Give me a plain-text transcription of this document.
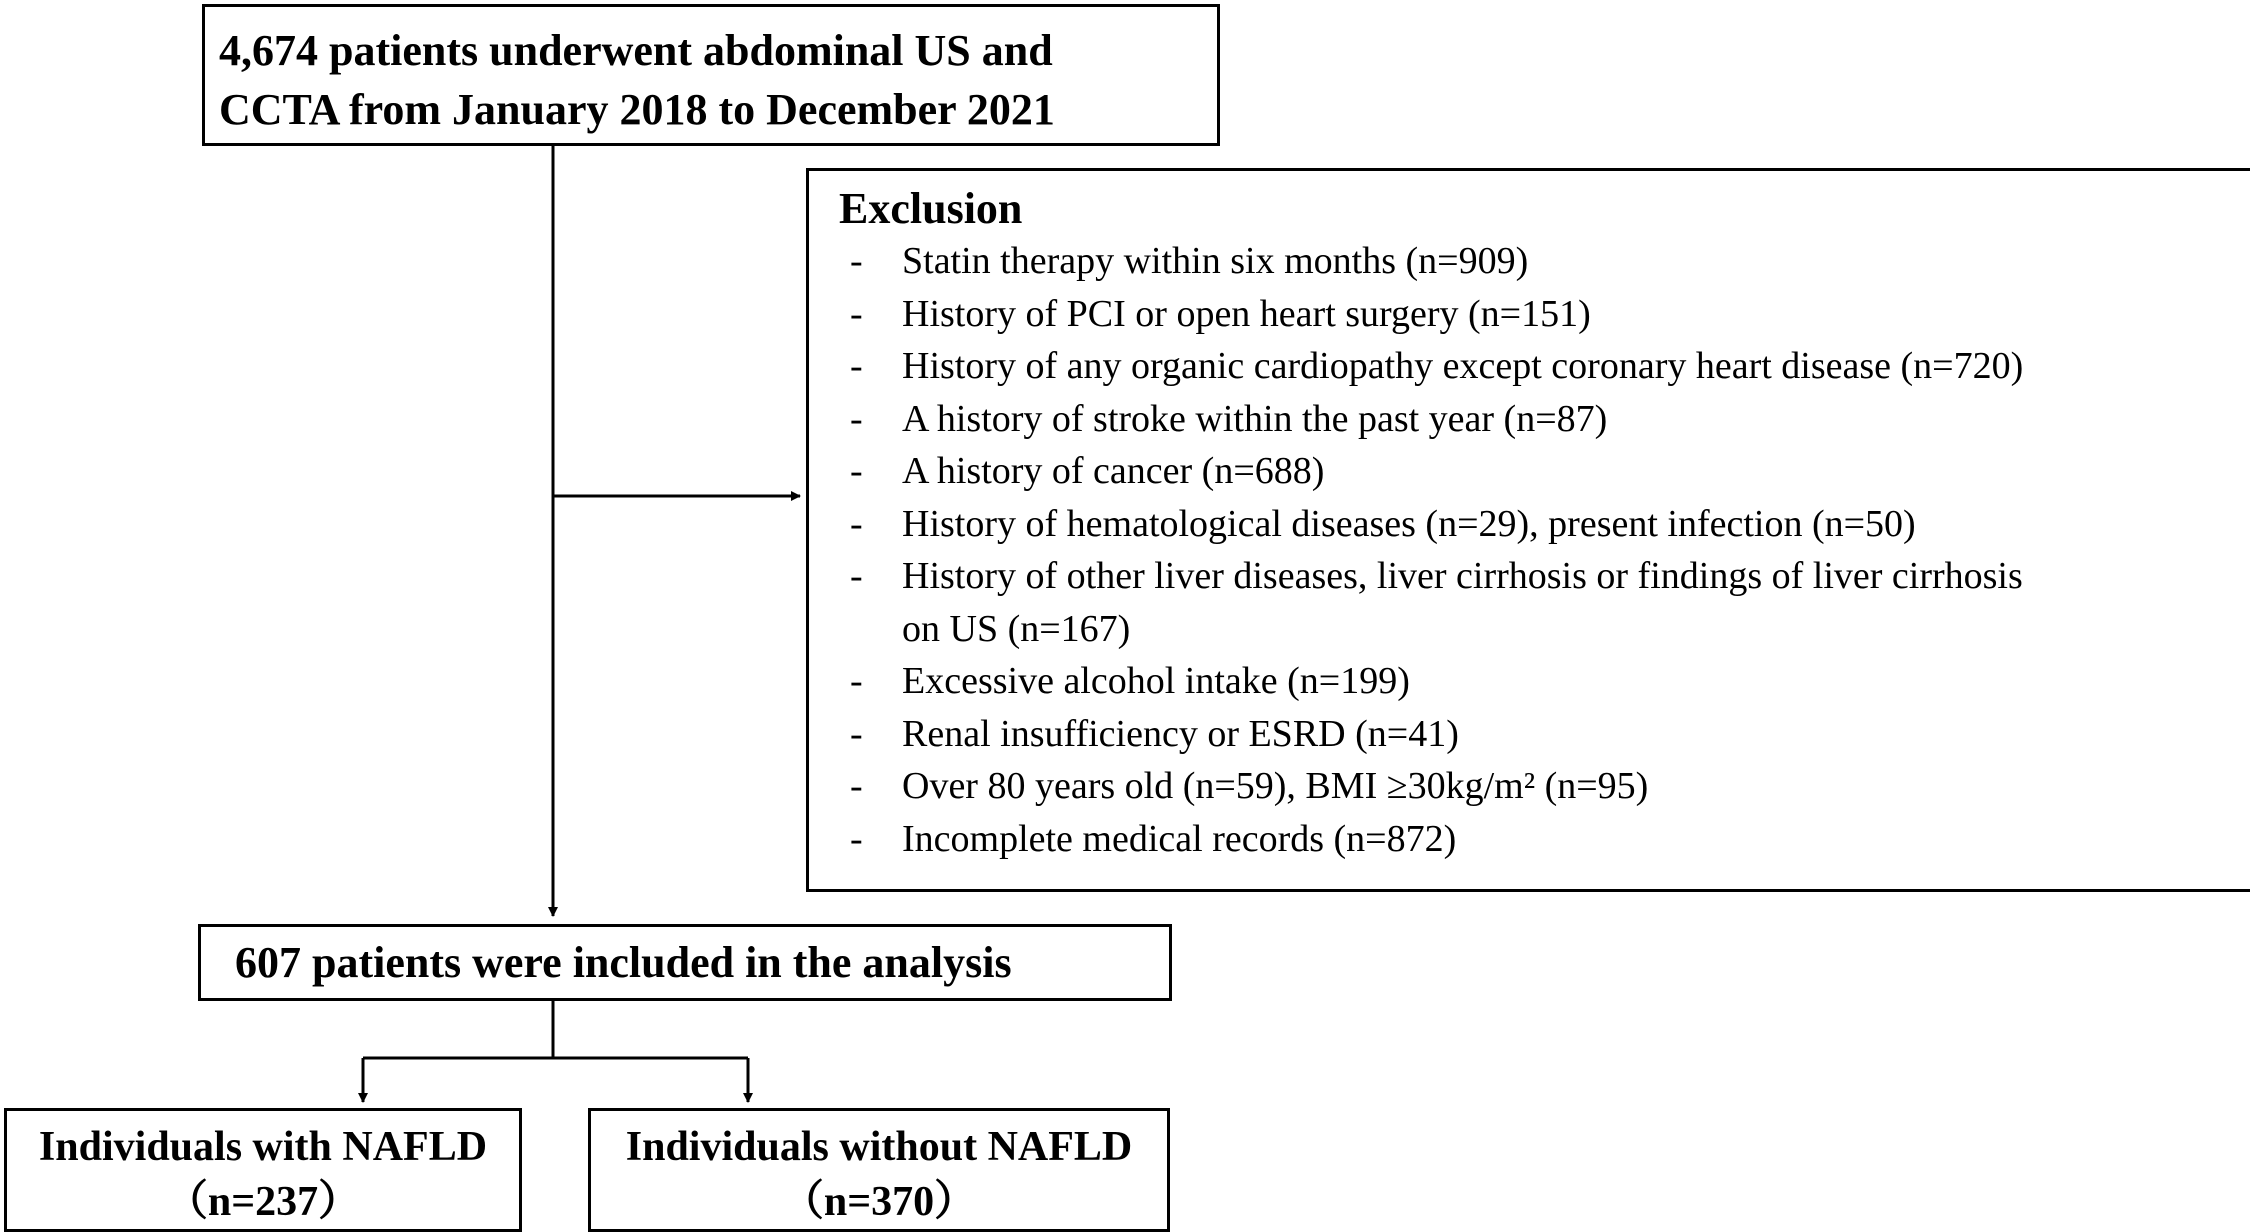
4,674 patients underwent abdominal US and
CCTA from January 2018 to December 2021
Exclusion
- Statin therapy within six months (n=909)
- History of PCI or open heart surgery (n=151)
- History of any organic cardiopathy except coronary heart disease (n=720)
- A history of stroke within the past year (n=87)
- A history of cancer (n=688)
- History of hematological diseases (n=29), present infection (n=50)
- History of other liver diseases, liver cirrhosis or findings of liver cirrhosis
on US (n=167)
- Excessive alcohol intake (n=199)
- Renal insufficiency or ESRD (n=41)
- Over 80 years old (n=59), BMI ≥30kg/m² (n=95)
- Incomplete medical records (n=872)
607 patients were included in the analysis
Individuals with NAFLD
（n=237）
Individuals without NAFLD
（n=370）
